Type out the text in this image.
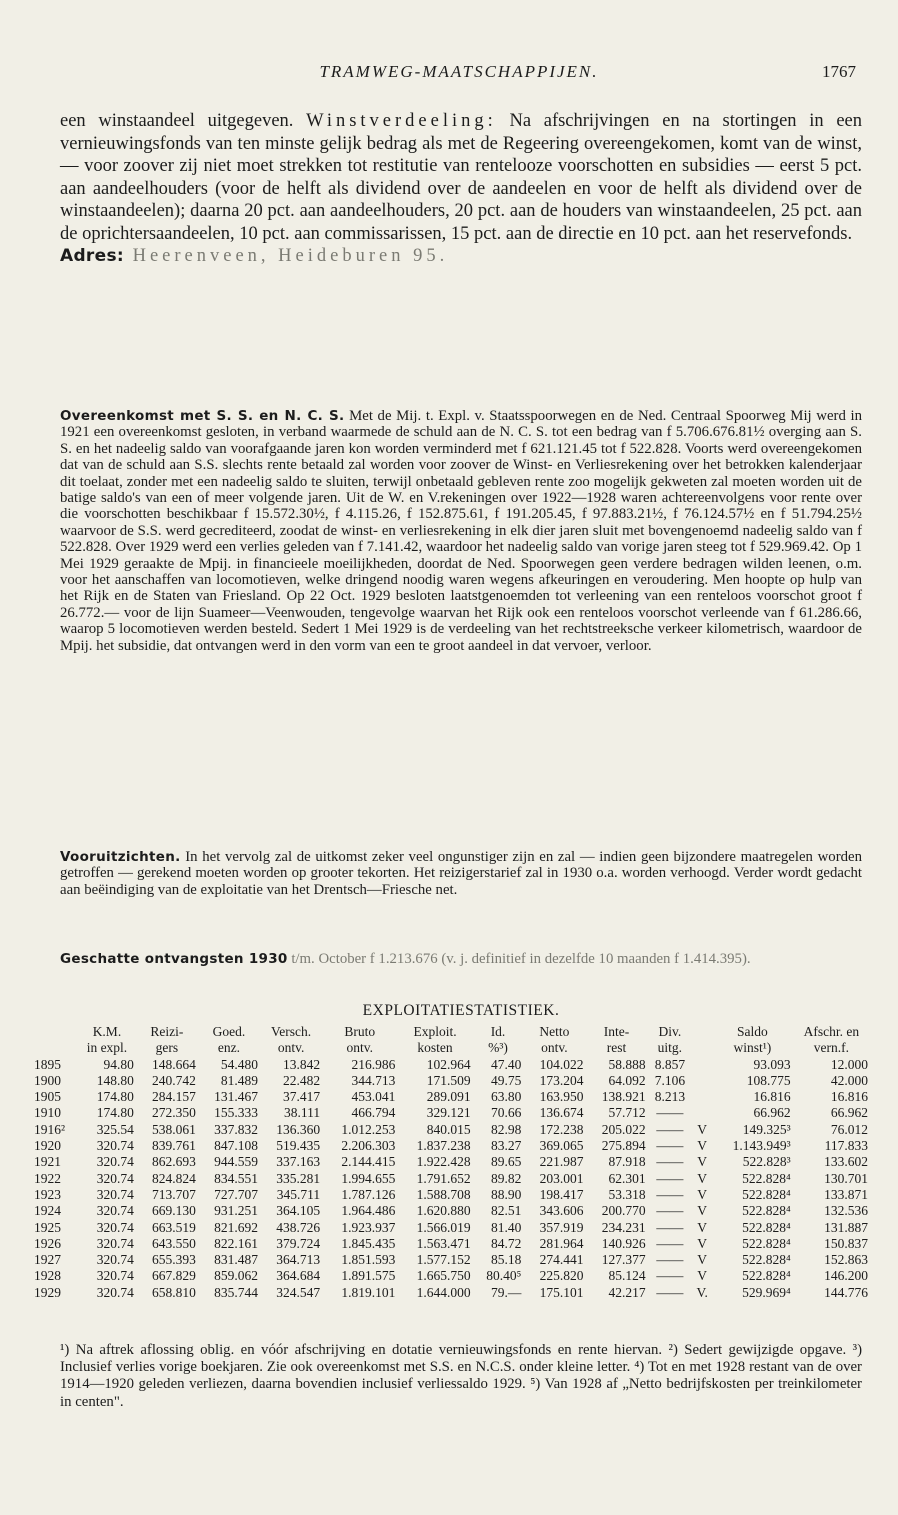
TRAMWEG-MAATSCHAPPIJEN.	1767

een winstaandeel uitgegeven. Winstverdeeling: Na afschrijvingen en na stortingen in een vernieuwingsfonds van ten minste gelijk bedrag als met de Regeering overeengekomen, komt van de winst, — voor zoover zij niet moet strekken tot restitutie van rentelooze voorschotten en subsidies — eerst 5 pct. aan aandeelhouders (voor de helft als dividend over de aandeelen en voor de helft als dividend over de winstaandeelen); daarna 20 pct. aan aandeelhouders, 20 pct. aan de houders van winstaandeelen, 25 pct. aan de oprichtersaandeelen, 10 pct. aan commissarissen, 15 pct. aan de directie en 10 pct. aan het reservefonds.
Adres: Heerenveen, Heideburen 95.

Overeenkomst met S. S. en N. C. S. Met de Mij. t. Expl. v. Staatsspoorwegen en de Ned. Centraal Spoorweg Mij werd in 1921 een overeenkomst gesloten, in verband waarmede de schuld aan de N. C. S. tot een bedrag van f 5.706.676.81½ overging aan S. S. en het nadeelig saldo van voorafgaande jaren kon worden verminderd met f 621.121.45 tot f 522.828. Voorts werd overeengekomen dat van de schuld aan S.S. slechts rente betaald zal worden voor zoover de Winst- en Verliesrekening over het betrokken kalenderjaar dit toelaat, zonder met een nadeelig saldo te sluiten, terwijl onbetaald gebleven rente zoo mogelijk gekweten zal moeten worden uit de batige saldo's van een of meer volgende jaren. Uit de W. en V.rekeningen over 1922—1928 waren achtereenvolgens voor rente over die voorschotten beschikbaar f 15.572.30½, f 4.115.26, f 152.875.61, f 191.205.45, f 97.883.21½, f 76.124.57½ en f 51.794.25½ waarvoor de S.S. werd gecrediteerd, zoodat de winst- en verliesrekening in elk dier jaren sluit met bovengenoemd nadeelig saldo van f 522.828. Over 1929 werd een verlies geleden van f 7.141.42, waardoor het nadeelig saldo van vorige jaren steeg tot f 529.969.42. Op 1 Mei 1929 geraakte de Mpij. in financieele moeilijkheden, doordat de Ned. Spoorwegen geen verdere bedragen wilden leenen, o.m. voor het aanschaffen van locomotieven, welke dringend noodig waren wegens afkeuringen en veroudering. Men hoopte op hulp van het Rijk en de Staten van Friesland. Op 22 Oct. 1929 besloten laatstgenoemden tot verleening van een renteloos voorschot groot f 26.772.— voor de lijn Suameer—Veenwouden, tengevolge waarvan het Rijk ook een renteloos voorschot verleende van f 61.286.66, waarop 5 locomotieven werden besteld. Sedert 1 Mei 1929 is de verdeeling van het rechtstreeksche verkeer kilometrisch, waardoor de Mpij. het subsidie, dat ontvangen werd in den vorm van een te groot aandeel in dat vervoer, verloor.

Vooruitzichten. In het vervolg zal de uitkomst zeker veel ongunstiger zijn en zal — indien geen bijzondere maatregelen worden getroffen — gerekend moeten worden op grooter tekorten. Het reizigerstarief zal in 1930 o.a. worden verhoogd. Verder wordt gedacht aan beëindiging van de exploitatie van het Drentsch—Friesche net.

Geschatte ontvangsten 1930 t/m. October f 1.213.676 (v. j. definitief in dezelfde 10 maanden f 1.414.395).

EXPLOITATIESTATISTIEK.
	K.M.	Reizi-	Goed.	Versch.	Bruto	Exploit.	Id.	Netto	Inte-	Div.		Saldo	Afschr. en
	in expl.	gers	enz.	ontv.	ontv.	kosten	%³)	ontv.	rest	uitg.		winst¹)	vern.f.
1895	94.80	148.664	54.480	13.842	216.986	102.964	47.40	104.022	58.888	8.857		93.093	12.000
1900	148.80	240.742	81.489	22.482	344.713	171.509	49.75	173.204	64.092	7.106		108.775	42.000
1905	174.80	284.157	131.467	37.417	453.041	289.091	63.80	163.950	138.921	8.213		16.816	16.816
1910	174.80	272.350	155.333	38.111	466.794	329.121	70.66	136.674	57.712	——		66.962	66.962
1916²	325.54	538.061	337.832	136.360	1.012.253	840.015	82.98	172.238	205.022	——	V	149.325³	76.012
1920	320.74	839.761	847.108	519.435	2.206.303	1.837.238	83.27	369.065	275.894	——	V	1.143.949³	117.833
1921	320.74	862.693	944.559	337.163	2.144.415	1.922.428	89.65	221.987	87.918	——	V	522.828³	133.602
1922	320.74	824.824	834.551	335.281	1.994.655	1.791.652	89.82	203.001	62.301	——	V	522.828⁴	130.701
1923	320.74	713.707	727.707	345.711	1.787.126	1.588.708	88.90	198.417	53.318	——	V	522.828⁴	133.871
1924	320.74	669.130	931.251	364.105	1.964.486	1.620.880	82.51	343.606	200.770	——	V	522.828⁴	132.536
1925	320.74	663.519	821.692	438.726	1.923.937	1.566.019	81.40	357.919	234.231	——	V	522.828⁴	131.887
1926	320.74	643.550	822.161	379.724	1.845.435	1.563.471	84.72	281.964	140.926	——	V	522.828⁴	150.837
1927	320.74	655.393	831.487	364.713	1.851.593	1.577.152	85.18	274.441	127.377	——	V	522.828⁴	152.863
1928	320.74	667.829	859.062	364.684	1.891.575	1.665.750	80.40⁵	225.820	85.124	——	V	522.828⁴	146.200
1929	320.74	658.810	835.744	324.547	1.819.101	1.644.000	79.—	175.101	42.217	——	V.	529.969⁴	144.776

¹) Na aftrek aflossing oblig. en vóór afschrijving en dotatie vernieuwingsfonds en rente hiervan. ²) Sedert gewijzigde opgave. ³) Inclusief verlies vorige boekjaren. Zie ook overeenkomst met S.S. en N.C.S. onder kleine letter. ⁴) Tot en met 1928 restant van de over 1914—1920 geleden verliezen, daarna bovendien inclusief verliessaldo 1929. ⁵) Van 1928 af „Netto bedrijfskosten per treinkilometer in centen".
